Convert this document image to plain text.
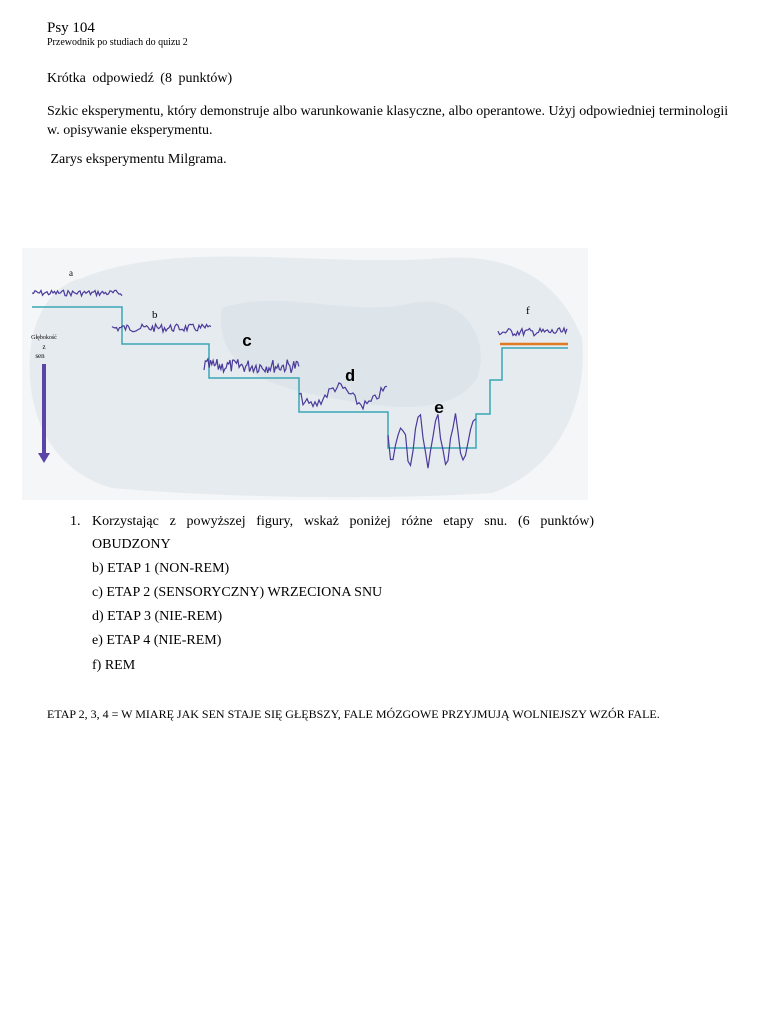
Psy 104
Przewodnik po studiach do quizu 2
Krótka odpowiedź (8 punktów)
Szkic eksperymentu, który demonstruje albo warunkowanie klasyczne, albo operantowe. Użyj odpowiedniej terminologii w. opisywanie eksperymentu.
Zarys eksperymentu Milgrama.
a
b
c
d
e
f
Głębokość
z
sen
1. Korzystając z powyższej figury, wskaż poniżej różne etapy snu. (6 punktów)
OBUDZONY
b) ETAP 1 (NON-REM)
c) ETAP 2 (SENSORYCZNY) WRZECIONA SNU
d) ETAP 3 (NIE-REM)
e) ETAP 4 (NIE-REM)
f) REM
ETAP 2, 3, 4 = W MIARĘ JAK SEN STAJE SIĘ GŁĘBSZY, FALE MÓZGOWE PRZYJMUJĄ WOLNIEJSZY WZÓR FALE.
